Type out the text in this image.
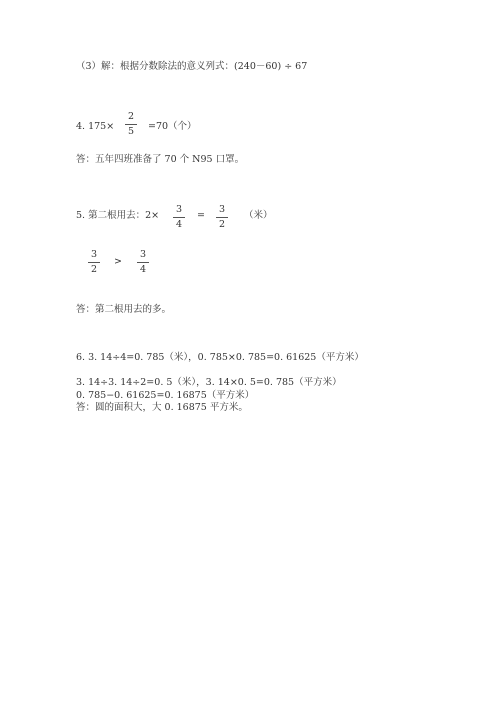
（3）解：根据分数除法的意义列式：(240－60) ÷ 67
4. 175×
2
5	=70（个）
答：五年四班准备了 70 个 N95 口罩。
5. 第二根用去：2×
3
4
=
3
2
（米）
3
2
>
3
4
答：第二根用去的多。
6. 3. 14÷4=0. 785（米），0. 785×0. 785=0. 61625（平方米）
3. 14÷3. 14÷2=0. 5（米），3. 14×0. 5=0. 785（平方米）
0. 785−0. 61625=0. 16875（平方米）
答：圆的面积大，大 0. 16875 平方米。
